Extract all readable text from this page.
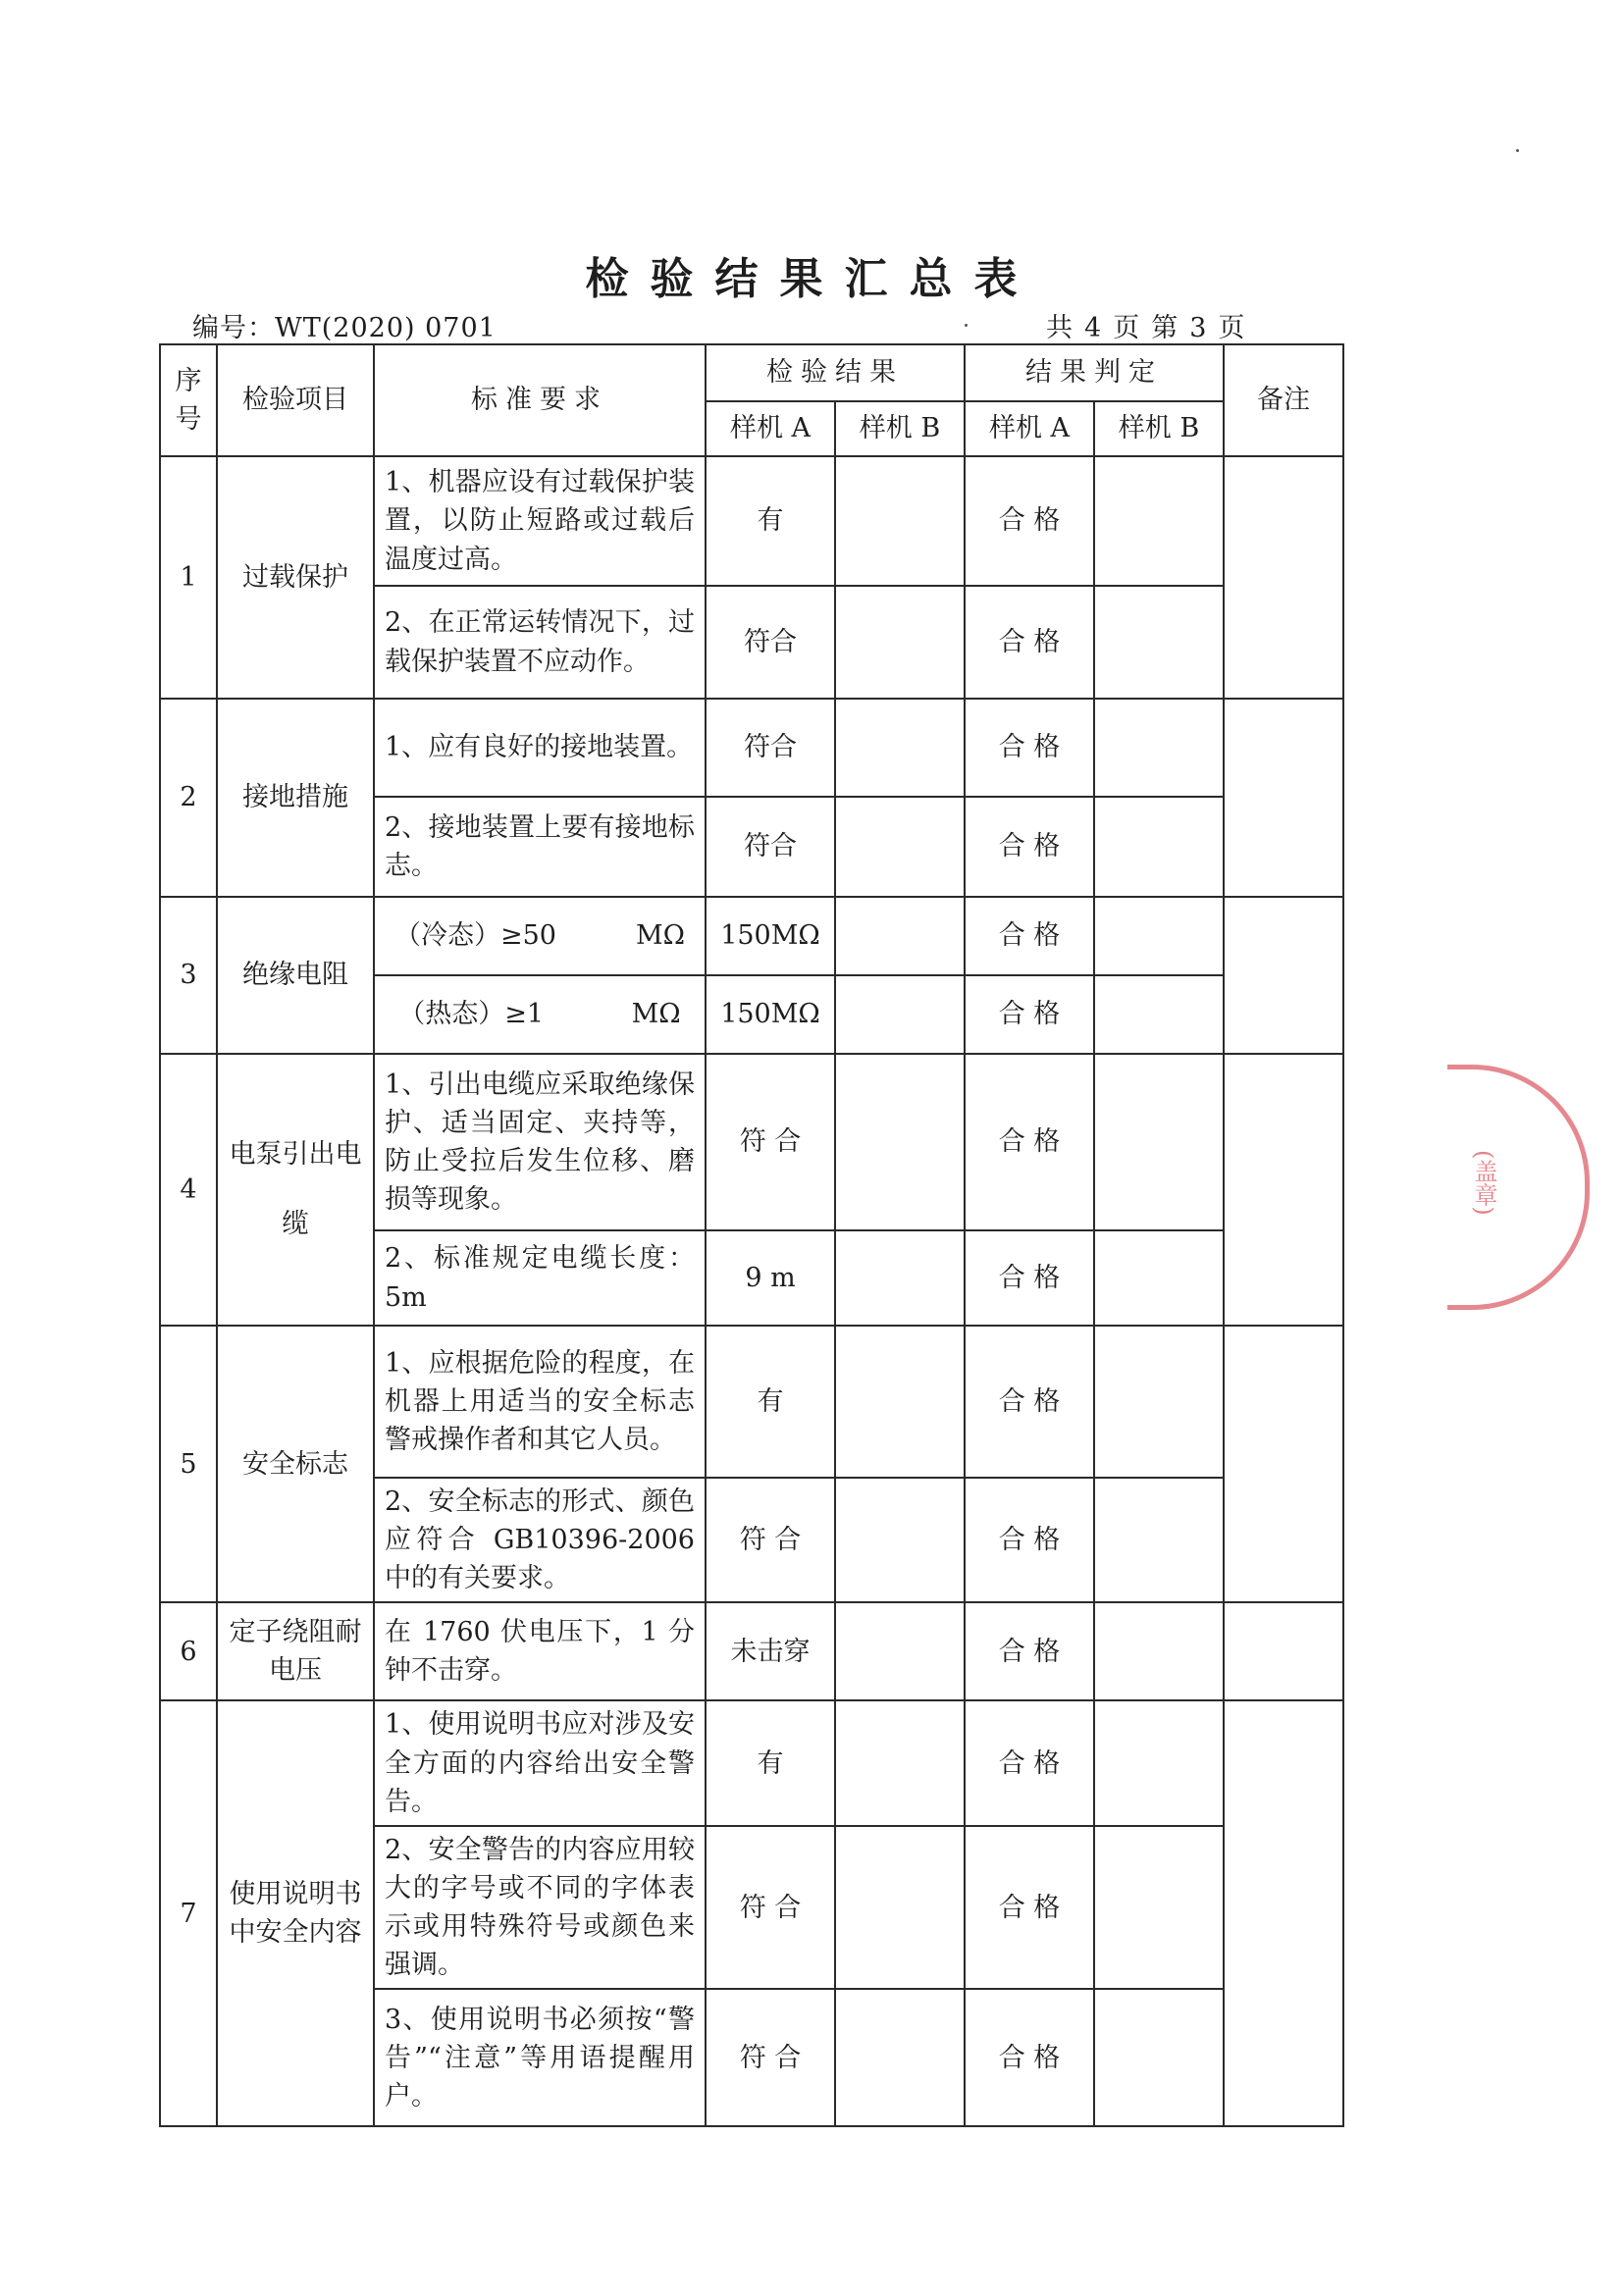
检验结果汇总表
编号：WT(2020) 0701	共 4 页 第 3 页
序号	检验项目	标准要求	检验结果		结果判定		备注
			样机 A	样机 B	样机 A	样机 B	
1	过载保护	1、机器应设有过载保护装置，以防止短路或过载后温度过高。	有		合 格		
		2、在正常运转情况下，过载保护装置不应动作。	符合		合 格		
2	接地措施	1、应有良好的接地装置。	符合		合 格		
		2、接地装置上要有接地标志。	符合		合 格		
3	绝缘电阻	（冷态）≥50　　　MΩ	150MΩ		合 格		
		（热态）≥1　　　 MΩ	150MΩ		合 格		
4	电泵引出电缆	1、引出电缆应采取绝缘保护、适当固定、夹持等，防止受拉后发生位移、磨损等现象。	符 合		合 格		
		2、标准规定电缆长度：5m	9 m		合 格		
5	安全标志	1、应根据危险的程度，在机器上用适当的安全标志警戒操作者和其它人员。	有		合 格		
		2、安全标志的形式、颜色应符合 GB10396-2006中的有关要求。	符 合		合 格		
6	定子绕阻耐电压	在 1760 伏电压下，1 分钟不击穿。	未击穿		合 格		
7	使用说明书中安全内容	1、使用说明书应对涉及安全方面的内容给出安全警告。	有		合 格		
		2、安全警告的内容应用较大的字号或不同的字体表示或用特殊符号或颜色来强调。	符 合		合 格		
		3、使用说明书必须按“警告”“注意”等用语提醒用户。	符 合		合 格		
(盖章)
